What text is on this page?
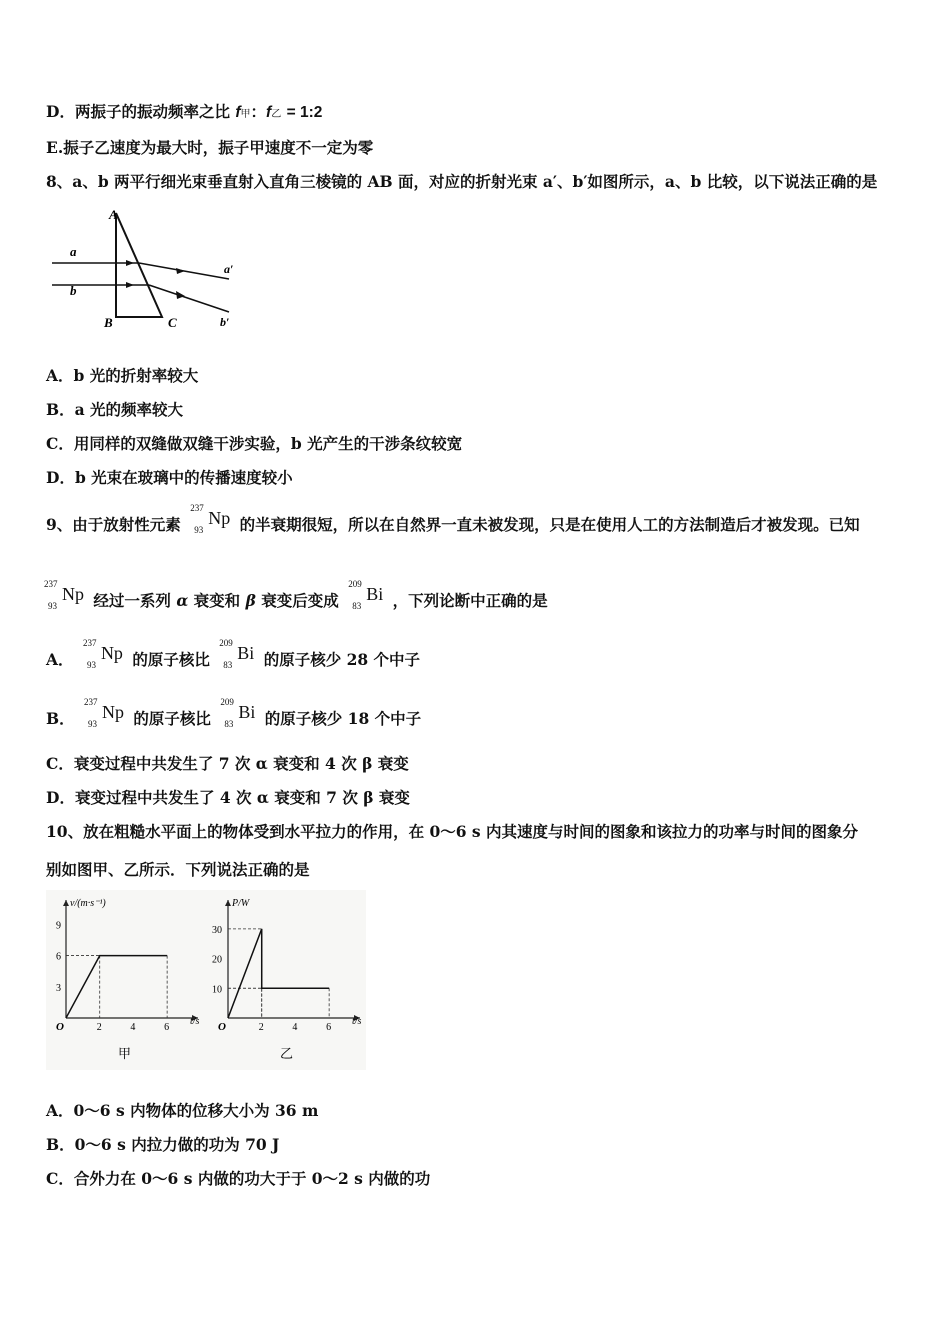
D．两振子的振动频率之比 f甲：f乙 = 1:2
E.振子乙速度为最大时，振子甲速度不一定为零
8、a、b 两平行细光束垂直射入直角三棱镜的 AB 面，对应的折射光束 a′、b′如图所示，a、b 比较，以下说法正确的是
A
a
b
B	C
a′
b′
A．b 光的折射率较大
B．a 光的频率较大
C．用同样的双缝做双缝干涉实验，b 光产生的干涉条纹较宽
D．b 光束在玻璃中的传播速度较小
9、由于放射性元素
237
93
Np 的半衰期很短，所以在自然界一直未被发现，只是在使用人工的方法制造后才被发现。已知
237
93
Np 经过一系列 α 衰变和 β 衰变后变成
209
83
Bi ，下列论断中正确的是
A．
237
93
Np 的原子核比
209
83
Bi 的原子核少 28 个中子
B．
237
93
Np 的原子核比
209
83
Bi 的原子核少 18 个中子
C．衰变过程中共发生了 7 次 α 衰变和 4 次 β 衰变
D．衰变过程中共发生了 4 次 α 衰变和 7 次 β 衰变
10、放在粗糙水平面上的物体受到水平拉力的作用，在 0～6 s 内其速度与时间的图象和该拉力的功率与时间的图象分
别如图甲、乙所示．下列说法正确的是
v/(m·s⁻¹)
t/s
O	2	4	6
3
6
9
甲
P/W
t/s
O	2	4	6
10
20
30
乙
A．0～6 s 内物体的位移大小为 36 m
B．0～6 s 内拉力做的功为 70 J
C．合外力在 0～6 s 内做的功大于于 0～2 s 内做的功
